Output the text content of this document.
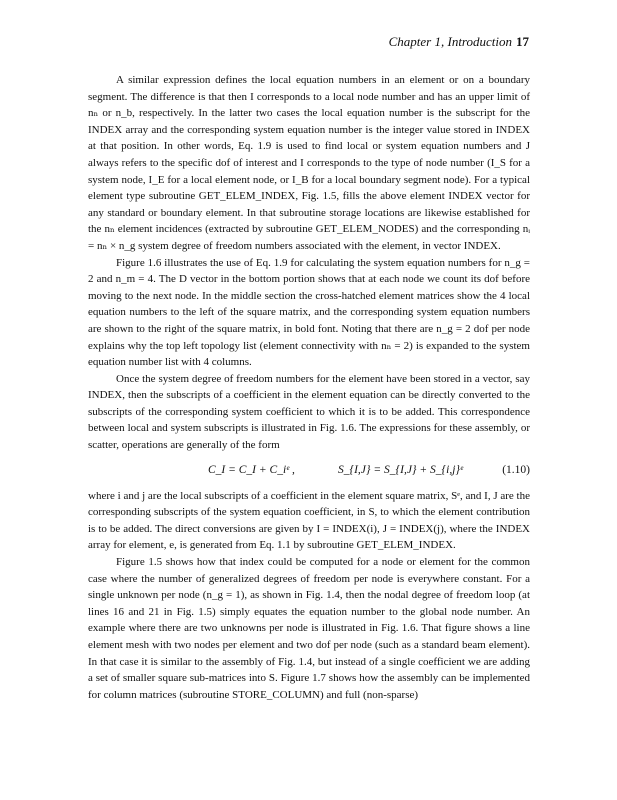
Chapter 1, Introduction 17

A similar expression defines the local equation numbers in an element or on a boundary segment. The difference is that then I corresponds to a local node number and has an upper limit of nₙ or n_b, respectively. In the latter two cases the local equation number is the subscript for the INDEX array and the corresponding system equation number is the integer value stored in INDEX at that position. In other words, Eq. 1.9 is used to find local or system equation numbers and J always refers to the specific dof of interest and I corresponds to the type of node number (I_S for a system node, I_E for a local element node, or I_B for a local boundary segment node). For a typical element type subroutine GET_ELEM_INDEX, Fig. 1.5, fills the above element INDEX vector for any standard or boundary element. In that subroutine storage locations are likewise established for the nₙ element incidences (extracted by subroutine GET_ELEM_NODES) and the corresponding nᵢ = nₙ × n_g system degree of freedom numbers associated with the element, in vector INDEX.

Figure 1.6 illustrates the use of Eq. 1.9 for calculating the system equation numbers for n_g = 2 and n_m = 4. The D vector in the bottom portion shows that at each node we count its dof before moving to the next node. In the middle section the cross-hatched element matrices show the 4 local equation numbers to the left of the square matrix, and the corresponding system equation numbers are shown to the right of the square matrix, in bold font. Noting that there are n_g = 2 dof per node explains why the top left topology list (element connectivity with nₙ = 2) is expanded to the system equation number list with 4 columns.

Once the system degree of freedom numbers for the element have been stored in a vector, say INDEX, then the subscripts of a coefficient in the element equation can be directly converted to the subscripts of the corresponding system coefficient to which it is to be added. This correspondence between local and system subscripts is illustrated in Fig. 1.6. The expressions for these assembly, or scatter, operations are generally of the form

C_I = C_I + C_iᵉ ,	S_{I,J} = S_{I,J} + S_{i,j}ᵉ	(1.10)

where i and j are the local subscripts of a coefficient in the element square matrix, Sᵉ, and I, J are the corresponding subscripts of the system equation coefficient, in S, to which the element contribution is to be added. The direct conversions are given by I = INDEX(i), J = INDEX(j), where the INDEX array for element, e, is generated from Eq. 1.1 by subroutine GET_ELEM_INDEX.

Figure 1.5 shows how that index could be computed for a node or element for the common case where the number of generalized degrees of freedom per node is everywhere constant. For a single unknown per node (n_g = 1), as shown in Fig. 1.4, then the nodal degree of freedom loop (at lines 16 and 21 in Fig. 1.5) simply equates the equation number to the global node number. An example where there are two unknowns per node is illustrated in Fig. 1.6. That figure shows a line element mesh with two nodes per element and two dof per node (such as a standard beam element). In that case it is similar to the assembly of Fig. 1.4, but instead of a single coefficient we are adding a set of smaller square sub-matrices into S. Figure 1.7 shows how the assembly can be implemented for column matrices (subroutine STORE_COLUMN) and full (non-sparse)
